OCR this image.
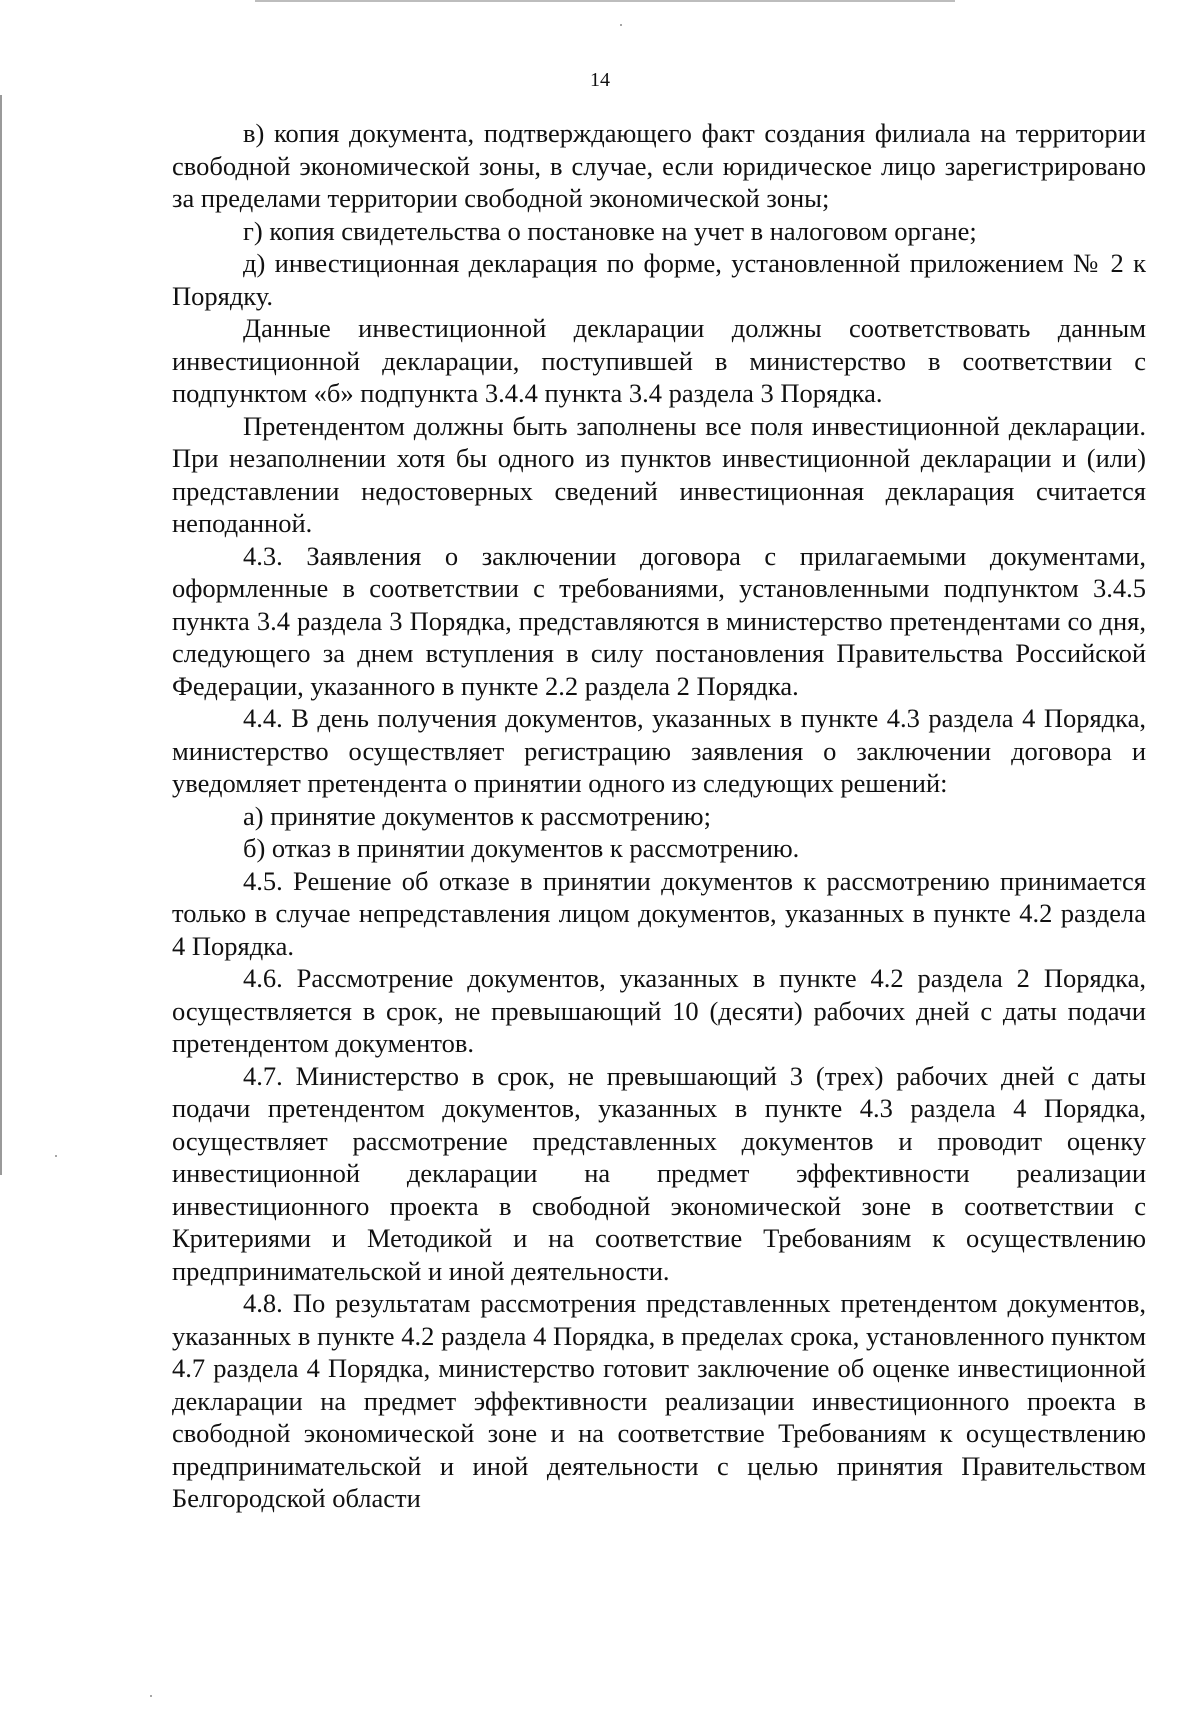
14

в) копия документа, подтверждающего факт создания филиала на территории свободной экономической зоны, в случае, если юридическое лицо зарегистрировано за пределами территории свободной экономической зоны;

г) копия свидетельства о постановке на учет в налоговом органе;

д) инвестиционная декларация по форме, установленной приложением № 2 к Порядку.

Данные инвестиционной декларации должны соответствовать данным инвестиционной декларации, поступившей в министерство в соответствии с подпунктом «б» подпункта 3.4.4 пункта 3.4 раздела 3 Порядка.

Претендентом должны быть заполнены все поля инвестиционной декларации. При незаполнении хотя бы одного из пунктов инвестиционной декларации и (или) представлении недостоверных сведений инвестиционная декларация считается неподанной.

4.3. Заявления о заключении договора с прилагаемыми документами, оформленные в соответствии с требованиями, установленными подпунктом 3.4.5 пункта 3.4 раздела 3 Порядка, представляются в министерство претендентами со дня, следующего за днем вступления в силу постановления Правительства Российской Федерации, указанного в пункте 2.2 раздела 2 Порядка.

4.4. В день получения документов, указанных в пункте 4.3 раздела 4 Порядка, министерство осуществляет регистрацию заявления о заключении договора и уведомляет претендента о принятии одного из следующих решений:

а) принятие документов к рассмотрению;

б) отказ в принятии документов к рассмотрению.

4.5. Решение об отказе в принятии документов к рассмотрению принимается только в случае непредставления лицом документов, указанных в пункте 4.2 раздела 4 Порядка.

4.6. Рассмотрение документов, указанных в пункте 4.2 раздела 2 Порядка, осуществляется в срок, не превышающий 10 (десяти) рабочих дней с даты подачи претендентом документов.

4.7. Министерство в срок, не превышающий 3 (трех) рабочих дней с даты подачи претендентом документов, указанных в пункте 4.3 раздела 4 Порядка, осуществляет рассмотрение представленных документов и проводит оценку инвестиционной декларации на предмет эффективности реализации инвестиционного проекта в свободной экономической зоне в соответствии с Критериями и Методикой и на соответствие Требованиям к осуществлению предпринимательской и иной деятельности.

4.8. По результатам рассмотрения представленных претендентом документов, указанных в пункте 4.2 раздела 4 Порядка, в пределах срока, установленного пунктом 4.7 раздела 4 Порядка, министерство готовит заключение об оценке инвестиционной декларации на предмет эффективности реализации инвестиционного проекта в свободной экономической зоне и на соответствие Требованиям к осуществлению предпринимательской и иной деятельности с целью принятия Правительством Белгородской области
